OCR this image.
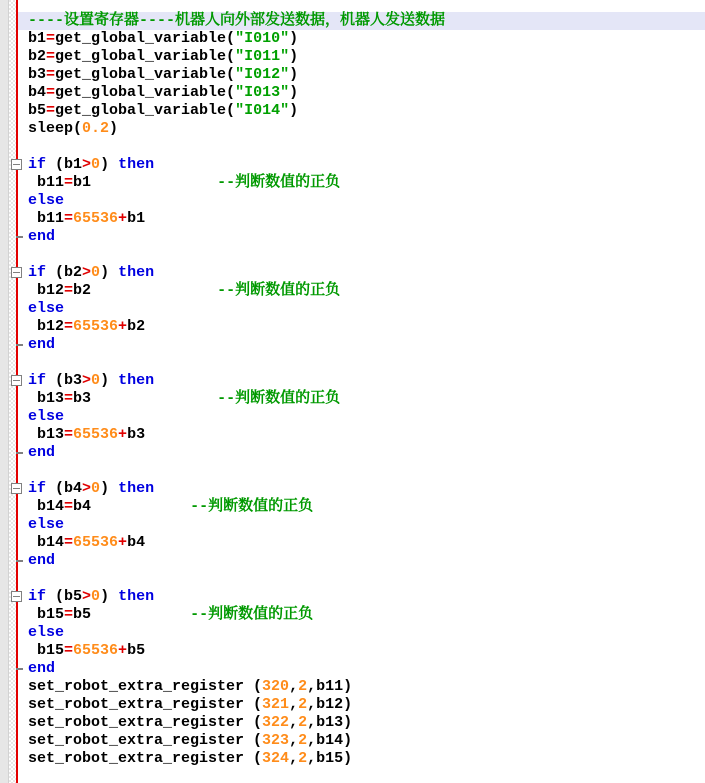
----设置寄存器----机器人向外部发送数据，机器人发送数据
b1=get_global_variable("I010")
b2=get_global_variable("I011")
b3=get_global_variable("I012")
b4=get_global_variable("I013")
b5=get_global_variable("I014")
sleep(0.2)
if (b1>0) then
b11=b1              --判断数值的正负
else
b11=65536+b1
end
if (b2>0) then
b12=b2              --判断数值的正负
else
b12=65536+b2
end
if (b3>0) then
b13=b3              --判断数值的正负
else
b13=65536+b3
end
if (b4>0) then
b14=b4           --判断数值的正负
else
b14=65536+b4
end
if (b5>0) then
b15=b5           --判断数值的正负
else
b15=65536+b5
end
set_robot_extra_register (320,2,b11)
set_robot_extra_register (321,2,b12)
set_robot_extra_register (322,2,b13)
set_robot_extra_register (323,2,b14)
set_robot_extra_register (324,2,b15)
